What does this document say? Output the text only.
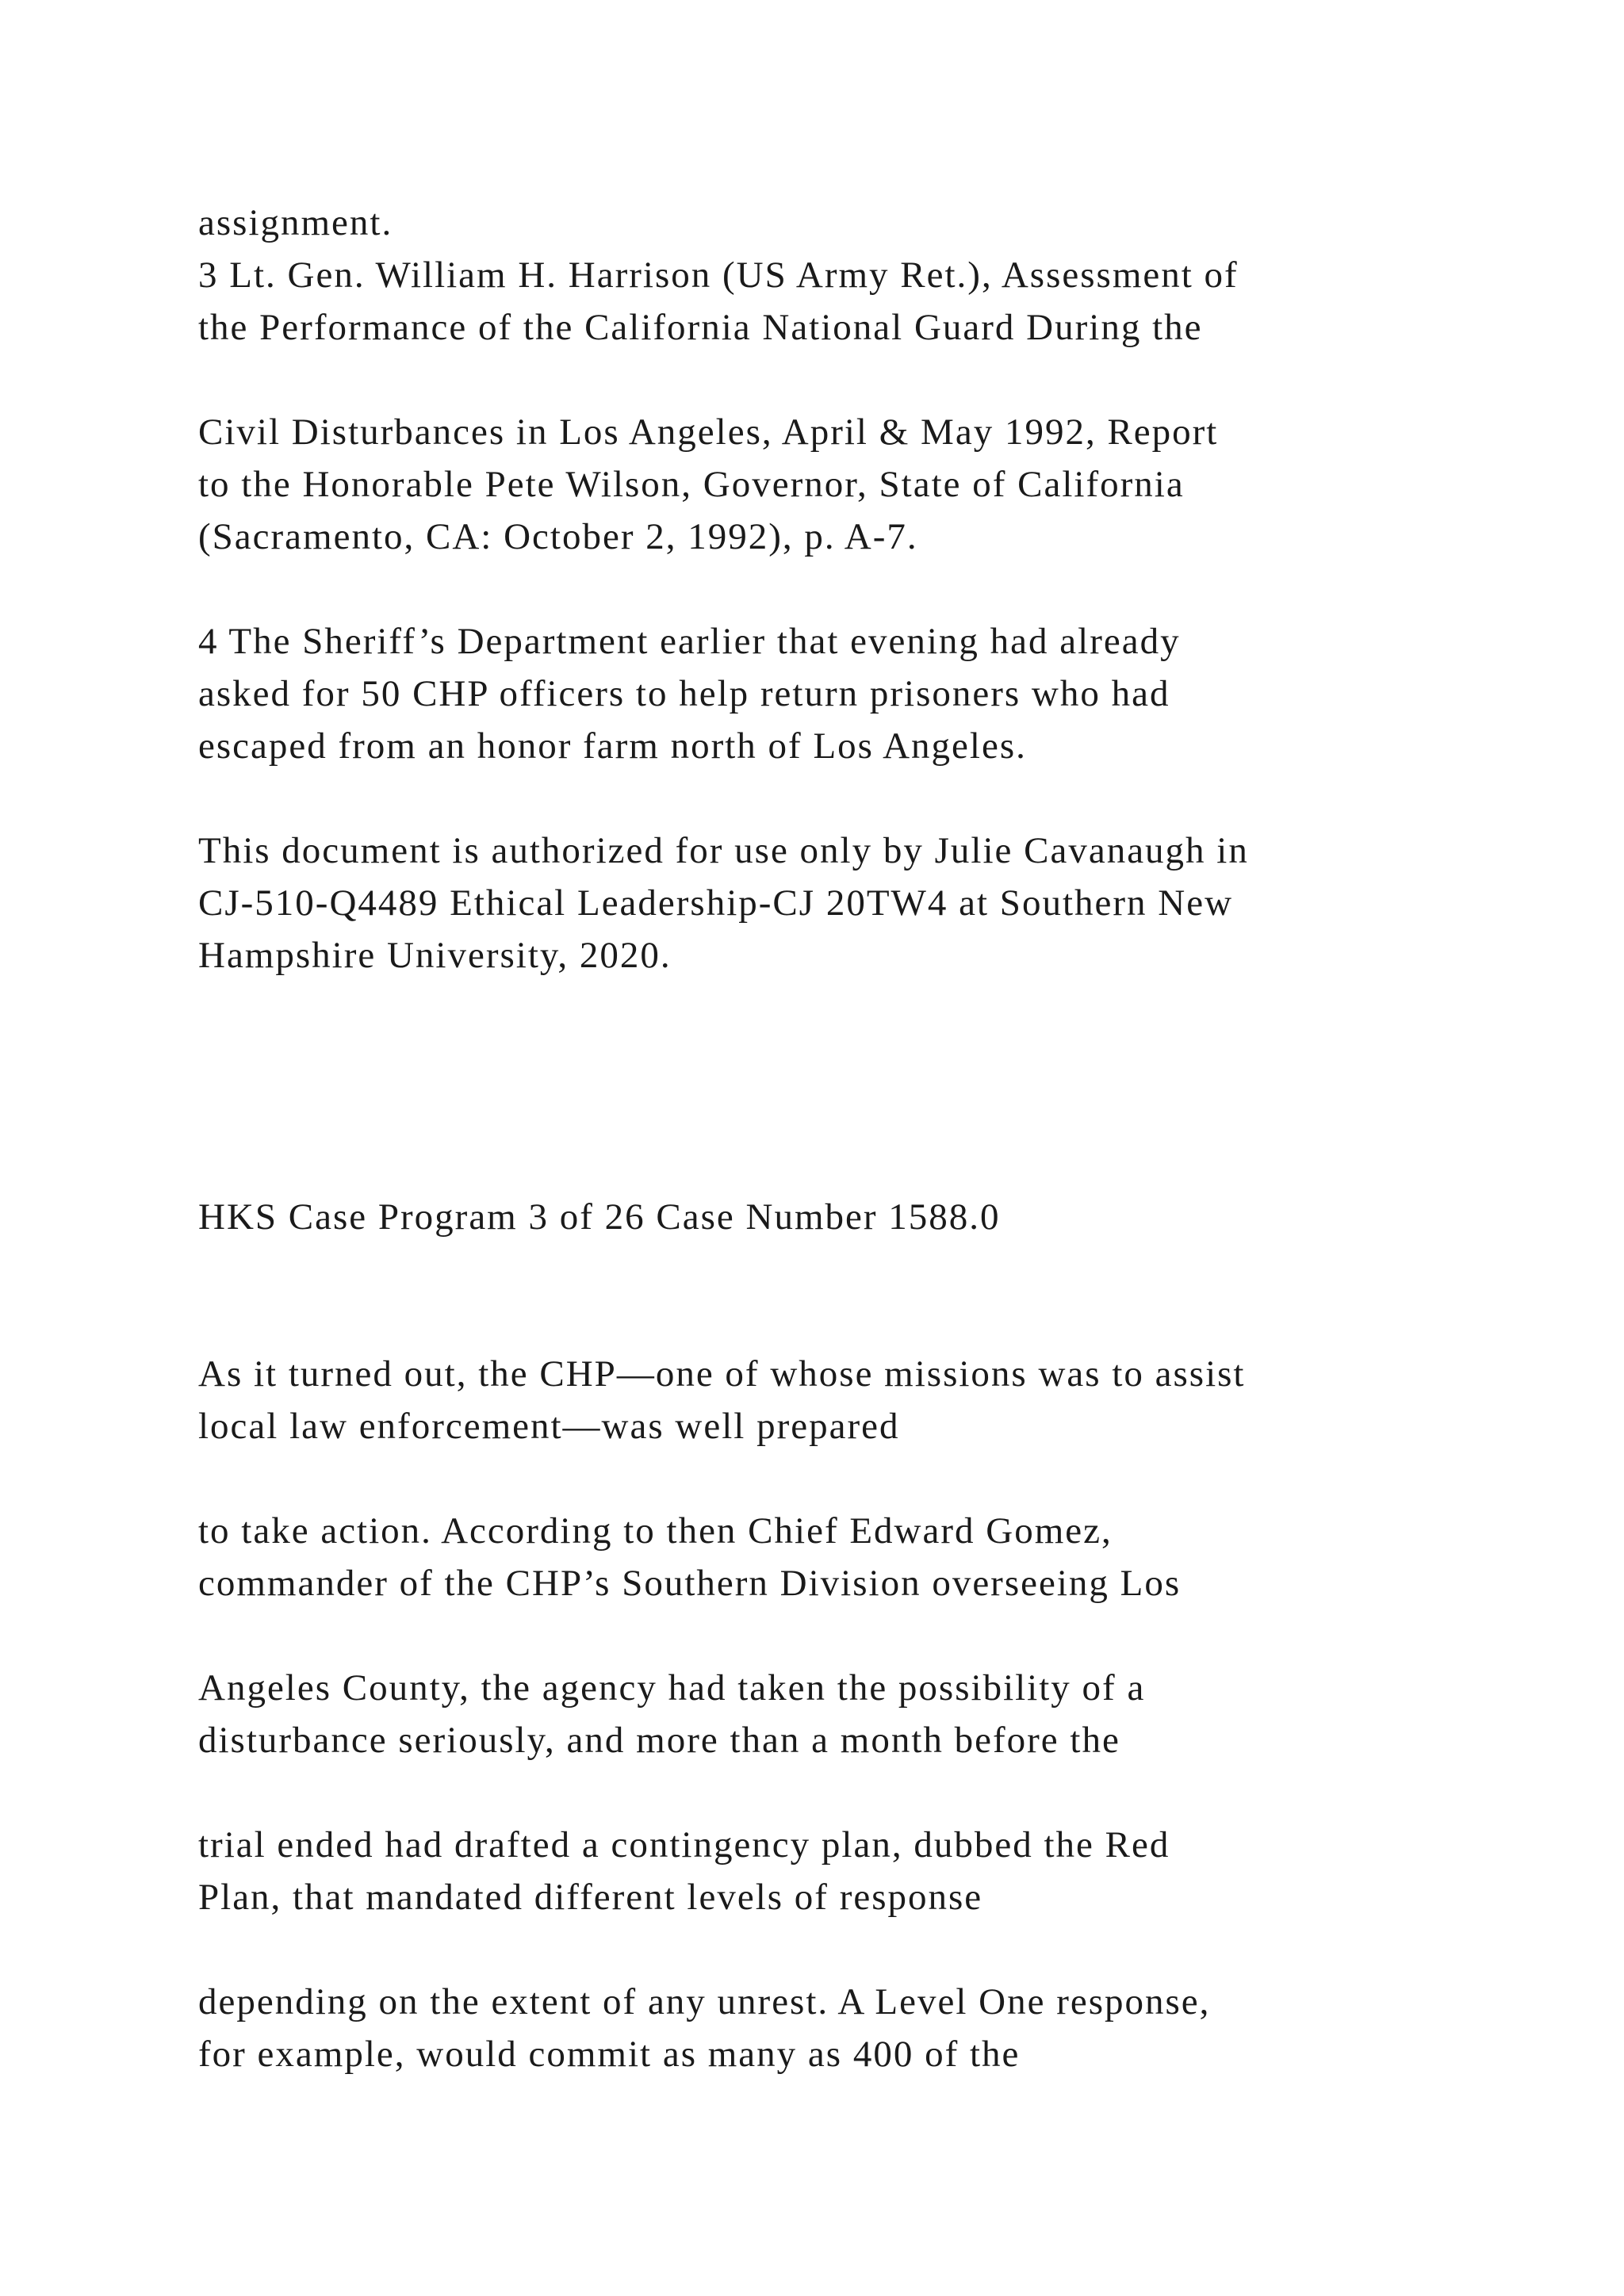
assignment.

3 Lt. Gen. William H. Harrison (US Army Ret.), Assessment of

the Performance of the California National Guard During the

Civil Disturbances in Los Angeles, April & May 1992, Report

to the Honorable Pete Wilson, Governor, State of California

(Sacramento, CA: October 2, 1992), p. A-7.

4 The Sheriff’s Department earlier that evening had already

asked for 50 CHP officers to help return prisoners who had

escaped from an honor farm north of Los Angeles.

This document is authorized for use only by Julie Cavanaugh in

CJ-510-Q4489 Ethical Leadership-CJ 20TW4 at Southern New

Hampshire University, 2020.

HKS Case Program 3 of 26 Case Number 1588.0

As it turned out, the CHP—one of whose missions was to assist

local law enforcement—was well prepared

to take action. According to then Chief Edward Gomez,

commander of the CHP’s Southern Division overseeing Los

Angeles County, the agency had taken the possibility of a

disturbance seriously, and more than a month before the

trial ended had drafted a contingency plan, dubbed the Red

Plan, that mandated different levels of response

depending on the extent of any unrest. A Level One response,

for example, would commit as many as 400 of the
